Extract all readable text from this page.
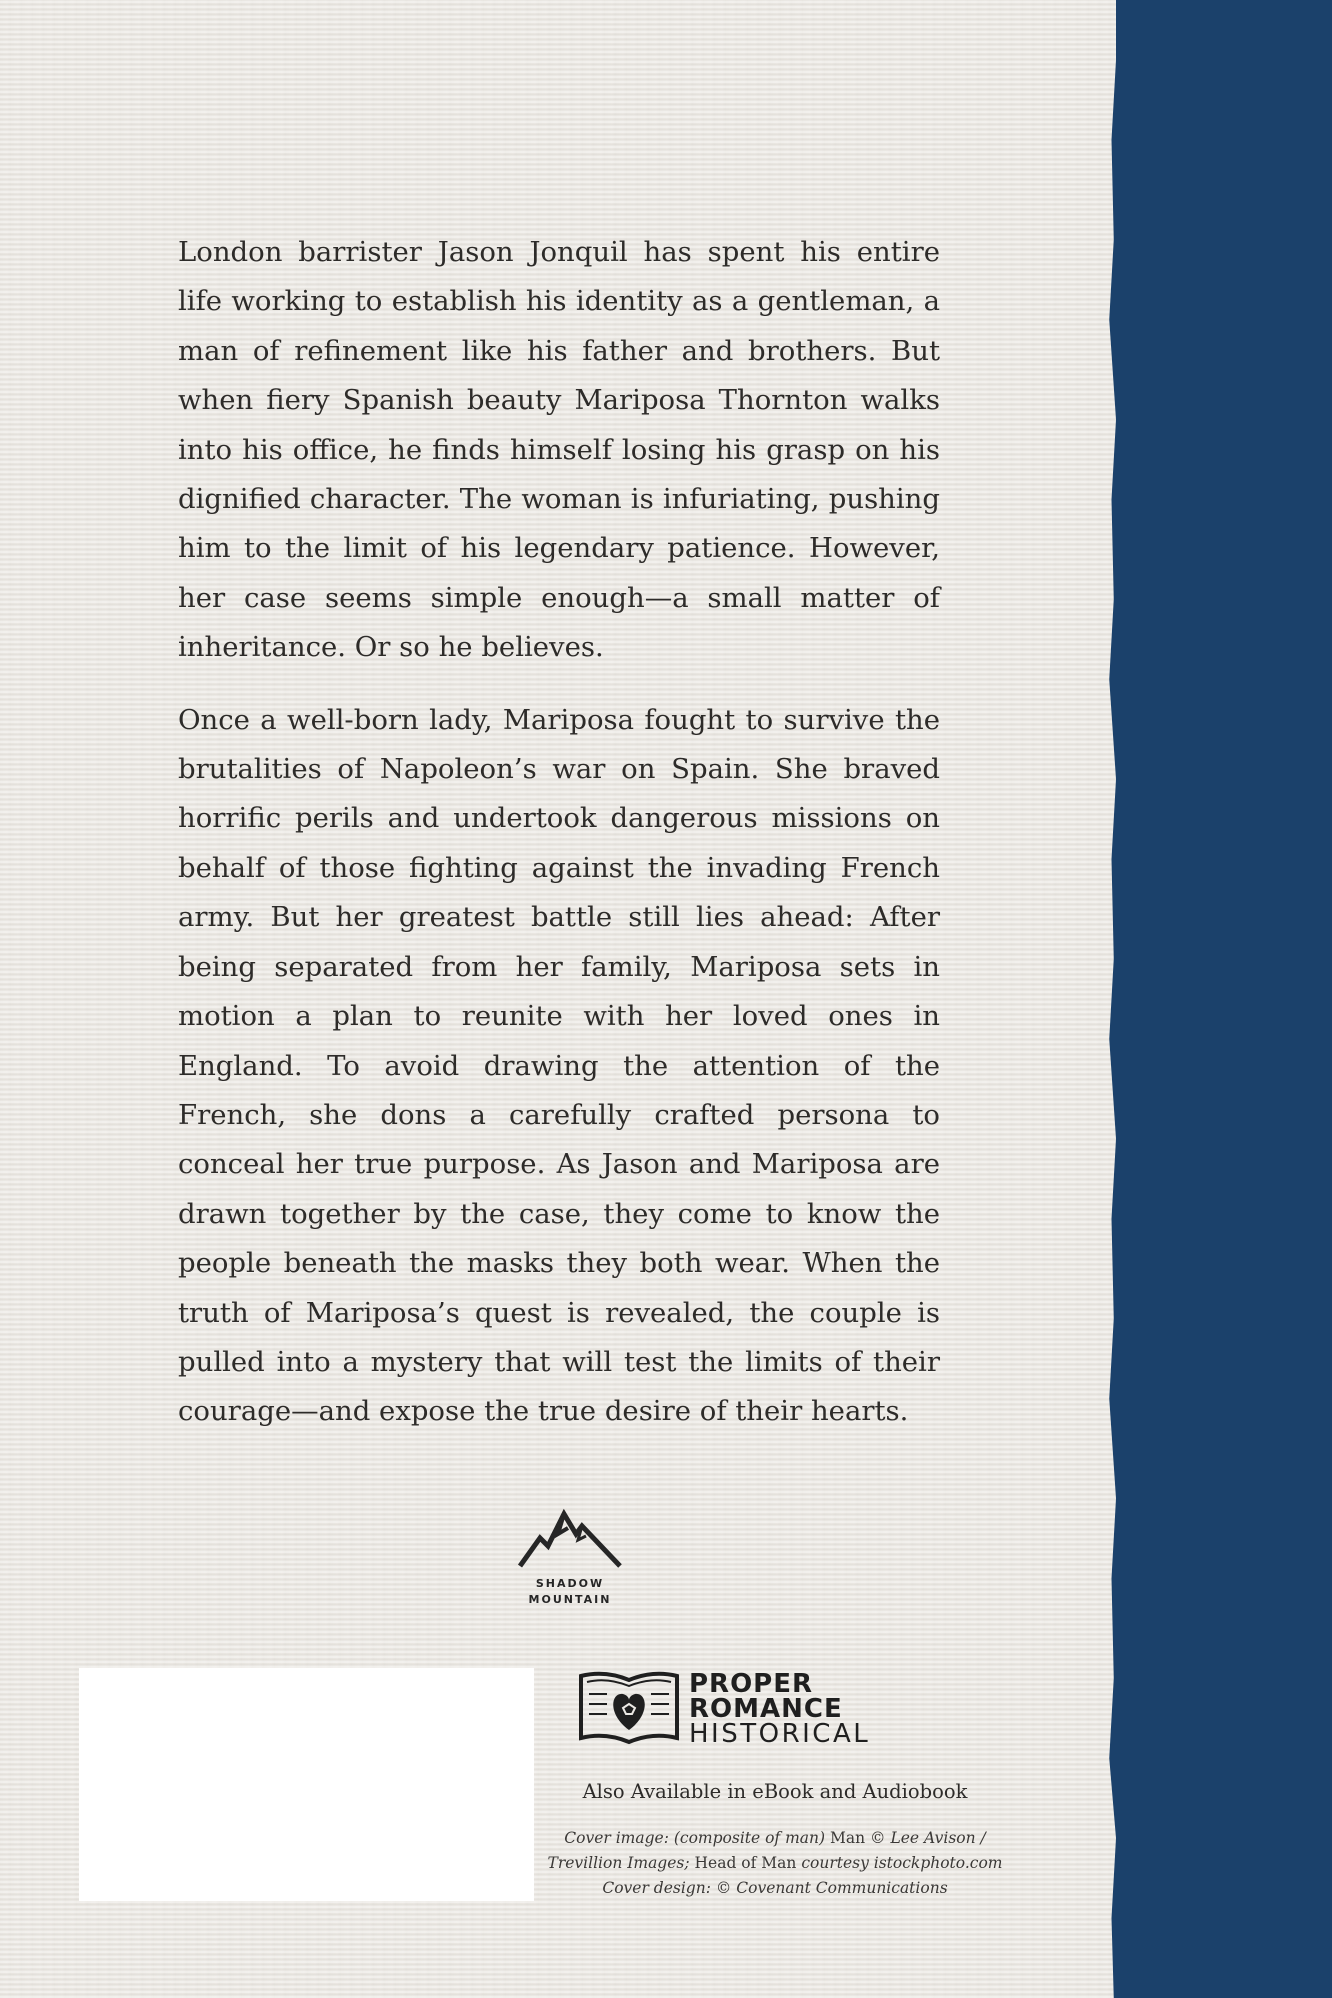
London barrister Jason Jonquil has spent his entire life working to establish his identity as a gentleman, a man of refinement like his father and brothers. But when fiery Spanish beauty Mariposa Thornton walks into his office, he finds himself losing his grasp on his dignified character. The woman is infuriating, pushing him to the limit of his legendary patience. However, her case seems simple enough—a small matter of inheritance. Or so he believes.

Once a well-born lady, Mariposa fought to survive the brutalities of Napoleon’s war on Spain. She braved horrific perils and undertook dangerous missions on behalf of those fighting against the invading French army. But her greatest battle still lies ahead: After being separated from her family, Mariposa sets in motion a plan to reunite with her loved ones in England. To avoid drawing the attention of the French, she dons a carefully crafted persona to conceal her true purpose. As Jason and Mariposa are drawn together by the case, they come to know the people beneath the masks they both wear. When the truth of Mariposa’s quest is revealed, the couple is pulled into a mystery that will test the limits of their courage—and expose the true desire of their hearts.

SHADOW
MOUNTAIN
PROPER
ROMANCE
HISTORICAL
Also Available in eBook and Audiobook
Cover image: (composite of man) Man © Lee Avison /
Trevillion Images; Head of Man courtesy istockphoto.com
Cover design: © Covenant Communications
